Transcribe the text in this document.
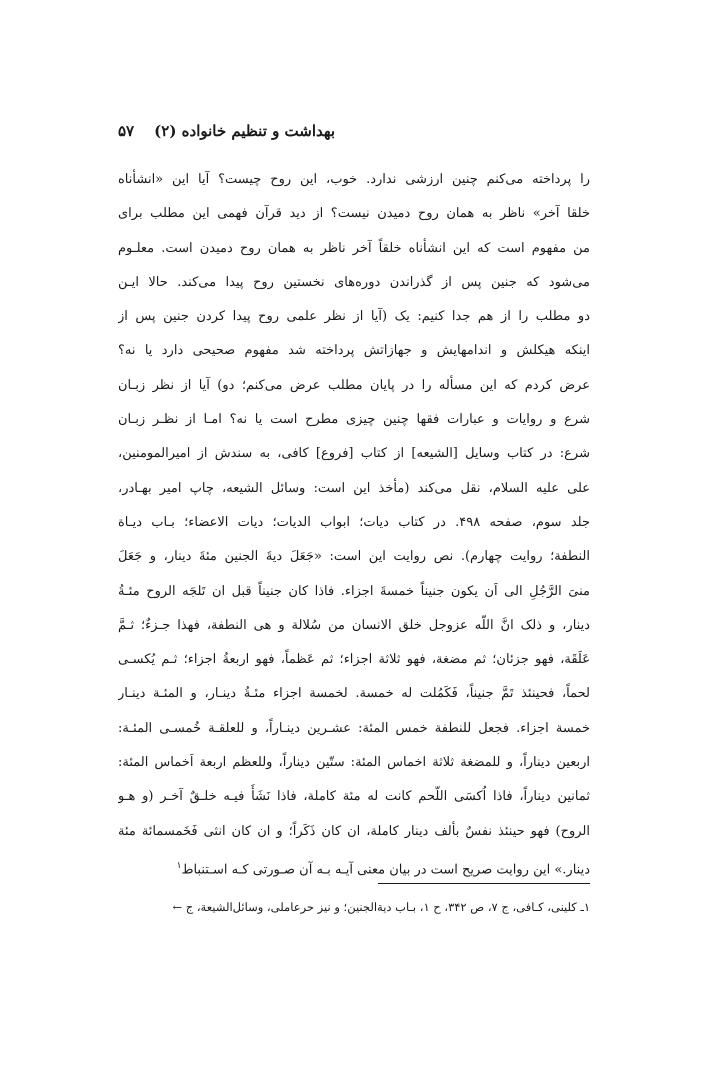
بهداشت و تنظیم خانواده (۲)
۵۷
را پرداخته می‌کنم چنین ارزشی ندارد. خوب، این روح چیست؟ آیا این «انشأناه
خلقا آخر» ناظر به همان روح دمیدن نیست؟ از دید قرآن فهمی این مطلب برای
من مفهوم است که این انشأناه خلقاً آخر ناظر به همان روح دمیدن است. معلـوم
می‌شود که جنین پس از گذراندن دوره‌های نخستین روح پیدا می‌کند. حالا ایـن
دو مطلب را از هم جدا کنیم: یک (آیا از نظر علمی روح پیدا کردن جنین پس از
اینکه هیکلش و اندامهایش و جهازاتش پرداخته شد مفهوم صحیحی دارد یا نه؟
عرض کردم که این مسأله را در پایان مطلب عرض می‌کنم؛ دو) آیا از نظر زبـان
شرع و روایات و عبارات فقها چنین چیزی مطرح است یا نه؟ امـا از نظـر زبـان
شرع: در کتاب وسایل [الشیعه] از کتاب [فروع] کافی، به سندش از امیرالمومنین،
علی علیه السلام، نقل می‌کند (مأخذ این است: وسائل الشیعه، چاپ امیر بهـادر،
جلد سوم، صفحه ۴۹۸. در کتاب دیات؛ ابواب الدیات؛ دیات الاعضاء؛ بـاب دیـاة
النطفة؛ روایت چهارم). نص روایت این است: «جَعَلَ دیةَ الجنین مئةَ دینار، و جَعَلَ
منیَ الرَّجُلِ الی اَن یکون جنیناً خمسةَ اجزاء. فاذا کان جنیناً قبل ان تَلجَه الروح مئـةُ
دینار، و ذلک انَّ اللّه عزوجل خلق الانسان من سُلالة و هی النطفة، فهذا جـزءٌ؛ ثـمَّ
عَلَقَة، فهو جزئان؛ ثم مضغة، فهو ثلاثة اجزاء؛ ثم عَظماً، فهو اربعةُ اجزاء؛ ثـم یُکسـی
لحماً، فحینئذ تَمَّ جنیناً، فَکَمُلت له خمسة. لخمسة اجزاء مئـةُ دینـار، و المئـة دینـار
خمسة اجزاء. فجعل للنطفة خمس المئة: عشـرین دینـاراً، و للعلقـة خُمسـی المئـة:
اربعین دیناراً، و للمضغة ثلاثة اخماس المئة: ستّین دیناراً، وللعظم اربعة اَخماس المئة:
ثمانین دیناراً، فاذا اُکسَی اللّحم کانت له مئة کاملة، فاذا نَشَأَ فیـه خلـقٌ آخـر (و هـو
الروح) فهو حینئذ نفسٌ بألف دینار کاملة، ان کان ذَکَراً؛ و ان کان انثی فَخَمسمائة مئة
دینار.» این روایت صریح است در بیان معنی آیـه بـه آن صـورتی کـه اسـتنباط$^۱$
۱ـ کلینی، کـافی، ج ۷، ص ۳۴۲، ح ۱، بـاب دیةالجنین؛ و نیز حرعاملی، وسائل‌الشیعة، ج ←
